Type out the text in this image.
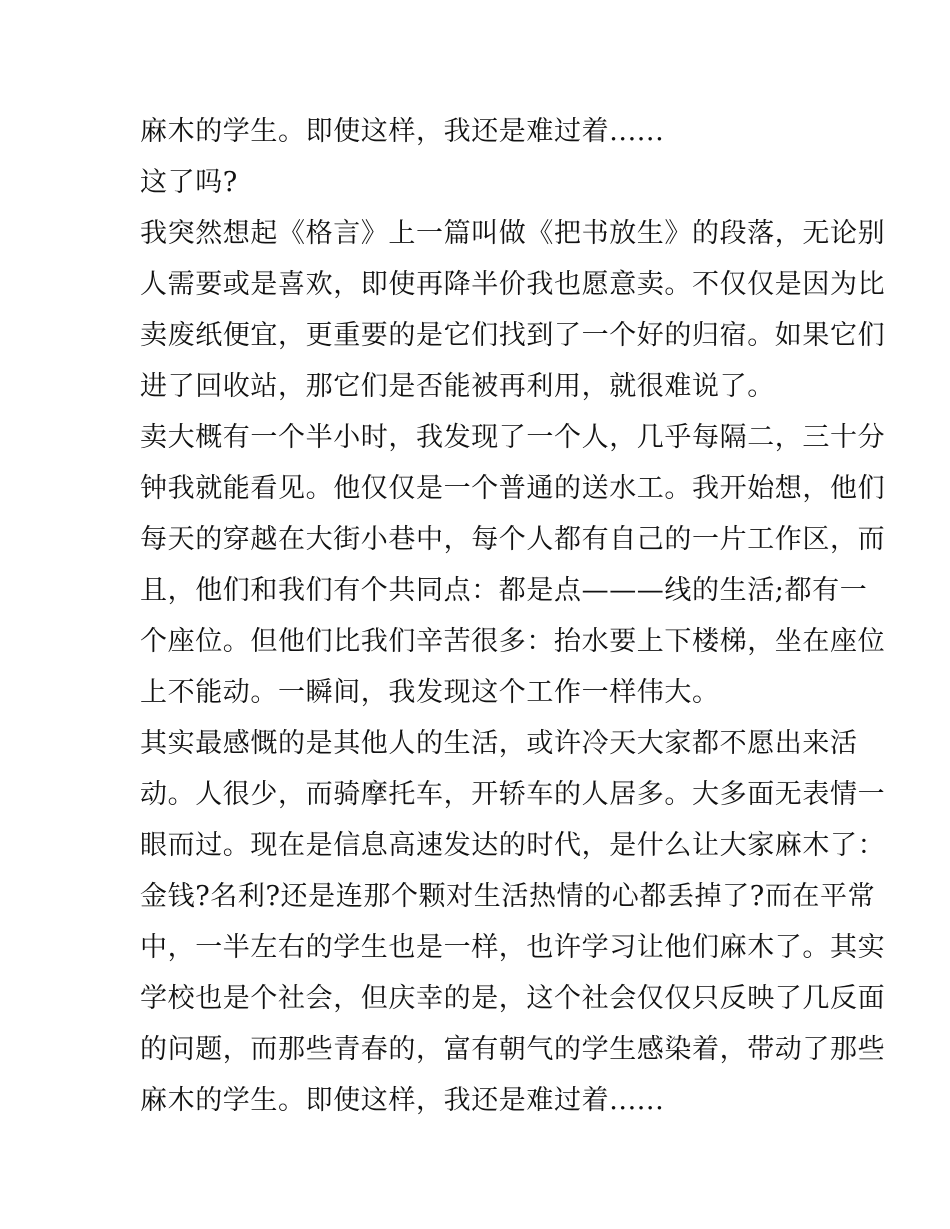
麻木的学生。即使这样，我还是难过着......
这了吗?
我突然想起《格言》上一篇叫做《把书放生》的段落，无论别
人需要或是喜欢，即使再降半价我也愿意卖。不仅仅是因为比
卖废纸便宜，更重要的是它们找到了一个好的归宿。如果它们
进了回收站，那它们是否能被再利用，就很难说了。
卖大概有一个半小时，我发现了一个人，几乎每隔二，三十分
钟我就能看见。他仅仅是一个普通的送水工。我开始想，他们
每天的穿越在大街小巷中，每个人都有自己的一片工作区，而
且，他们和我们有个共同点：都是点———线的生活;都有一
个座位。但他们比我们辛苦很多：抬水要上下楼梯，坐在座位
上不能动。一瞬间，我发现这个工作一样伟大。
其实最感慨的是其他人的生活，或许冷天大家都不愿出来活
动。人很少，而骑摩托车，开轿车的人居多。大多面无表情一
眼而过。现在是信息高速发达的时代，是什么让大家麻木了：
金钱?名利?还是连那个颗对生活热情的心都丢掉了?而在平常
中，一半左右的学生也是一样，也许学习让他们麻木了。其实
学校也是个社会，但庆幸的是，这个社会仅仅只反映了几反面
的问题，而那些青春的，富有朝气的学生感染着，带动了那些
麻木的学生。即使这样，我还是难过着......
